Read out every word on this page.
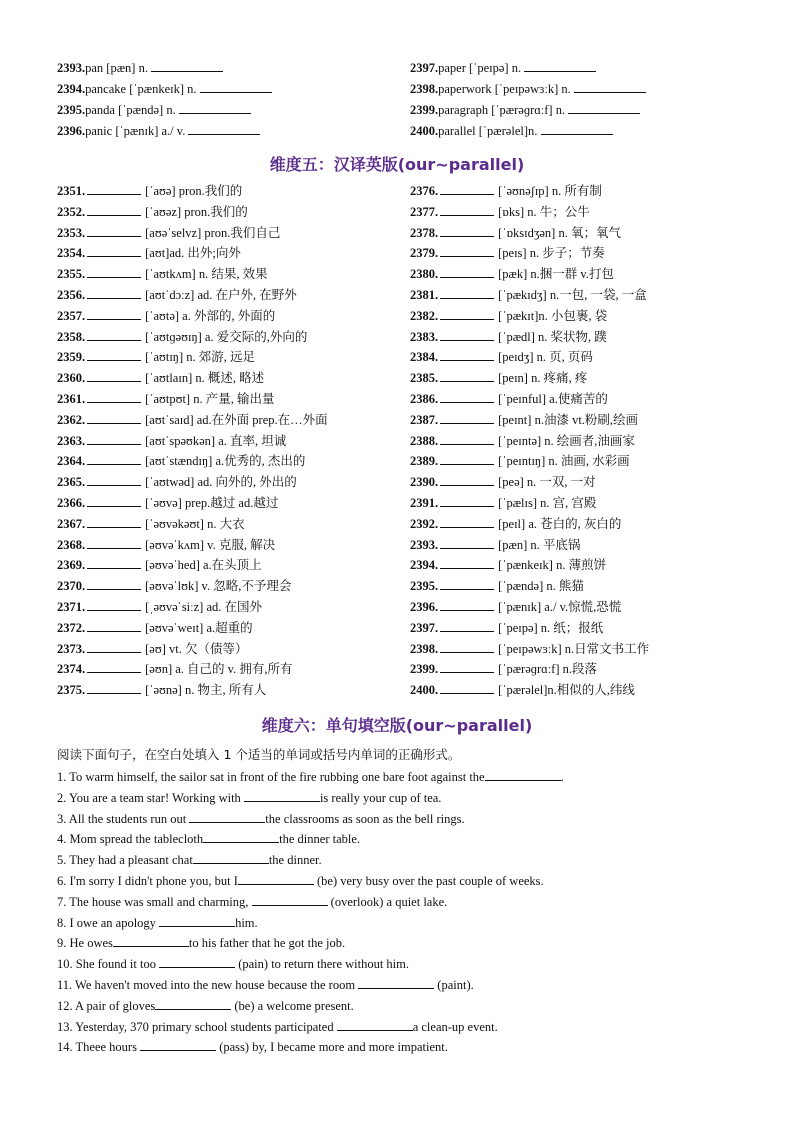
维度五：汉译英版(our~parallel)
维度六：单句填空版(our~parallel)
阅读下面句子，在空白处填入 1 个适当的单词或括号内单词的正确形式。
2393.pan [pæn] n.
2394.pancake [ˈpænkeɪk] n.
2395.panda [ˈpændə] n.
2396.panic [ˈpænɪk] a./ v.
2397.paper [ˈpeɪpə] n.
2398.paperwork [ˈpeɪpəwɜːk] n.
2399.paragraph [ˈpærəɡrɑːf] n.
2400.parallel [ˈpærəlel]n.
2351.	[ˈaʊə] pron.我们的
2352.	[ˈaʊəz] pron.我们的
2353.	[aʊəˈselvz] pron.我们自己
2354.	[aʊt]ad. 出外;向外
2355.	[ˈaʊtkʌm] n. 结果, 效果
2356.	[aʊtˈdɔːz] ad. 在户外, 在野外
2357.	[ˈaʊtə] a. 外部的, 外面的
2358.	[ˈaʊtɡəʊɪŋ] a. 爱交际的,外向的
2359.	[ˈaʊtɪŋ] n. 郊游, 远足
2360.	[ˈaʊtlaɪn] n. 概述, 略述
2361.	[ˈaʊtpʊt] n. 产量, 输出量
2362.	[aʊtˈsaɪd] ad.在外面 prep.在…外面
2363.	[aʊtˈspəʊkən] a. 直率, 坦诚
2364.	[aʊtˈstændɪŋ] a.优秀的, 杰出的
2365.	[ˈaʊtwəd] ad. 向外的, 外出的
2366.	[ˈəʊvə] prep.越过 ad.越过
2367.	[ˈəʊvəkəʊt] n. 大衣
2368.	[əʊvəˈkʌm] v. 克服, 解决
2369.	[əʊvəˈhed] a.在头顶上
2370.	[əʊvəˈlʊk] v. 忽略,不予理会
2371.	[ˌəʊvəˈsiːz] ad. 在国外
2372.	[əʊvəˈweɪt] a.超重的
2373.	[əʊ] vt. 欠（债等）
2374.	[əʊn] a. 自己的 v. 拥有,所有
2375.	[ˈəʊnə] n. 物主, 所有人
2376.	[ˈəʊnəʃɪp] n. 所有制
2377.	[ɒks] n. 牛；公牛
2378.	[ˈɒksɪdʒən] n. 氧；氧气
2379.	[peɪs] n. 步子；节奏
2380.	[pæk] n.捆一群 v.打包
2381.	[ˈpækɪdʒ] n.一包, 一袋, 一盒
2382.	[ˈpækɪt]n. 小包裹, 袋
2383.	[ˈpædl] n. 桨状物, 蹼
2384.	[peɪdʒ] n. 页, 页码
2385.	[peɪn] n. 疼痛, 疼
2386.	[ˈpeɪnful] a.使痛苦的
2387.	[peɪnt] n.油漆 vt.粉刷,绘画
2388.	[ˈpeɪntə] n. 绘画者,油画家
2389.	[ˈpeɪntɪŋ] n. 油画, 水彩画
2390.	[peə] n. 一双, 一对
2391.	[ˈpælɪs] n. 宫, 宫殿
2392.	[peɪl] a. 苍白的, 灰白的
2393.	[pæn] n. 平底锅
2394.	[ˈpænkeɪk] n. 薄煎饼
2395.	[ˈpændə] n. 熊猫
2396.	[ˈpænɪk] a./ v.惊慌,恐慌
2397.	[ˈpeɪpə] n. 纸；报纸
2398.	[ˈpeɪpəwɜːk] n.日常文书工作
2399.	[ˈpærəɡrɑːf] n.段落
2400.	[ˈpærəlel]n.相似的人,纬线
1. To warm himself, the sailor sat in front of the fire rubbing one bare foot against the	.
2. You are a team star! Working with	is really your cup of tea.
3. All the students run out	the classrooms as soon as the bell rings.
4. Mom spread the tablecloth	the dinner table.
5. They had a pleasant chat	the dinner.
6. I'm sorry I didn't phone you, but I	(be) very busy over the past couple of weeks.
7. The house was small and charming,	(overlook) a quiet lake.
8. I owe an apology	him.
9. He owes	to his father that he got the job.
10. She found it too	(pain) to return there without him.
11. We haven't moved into the new house because the room	(paint).
12. A pair of gloves	(be) a welcome present.
13. Yesterday, 370 primary school students participated	a clean-up event.
14. Theee hours	(pass) by, I became more and more impatient.
